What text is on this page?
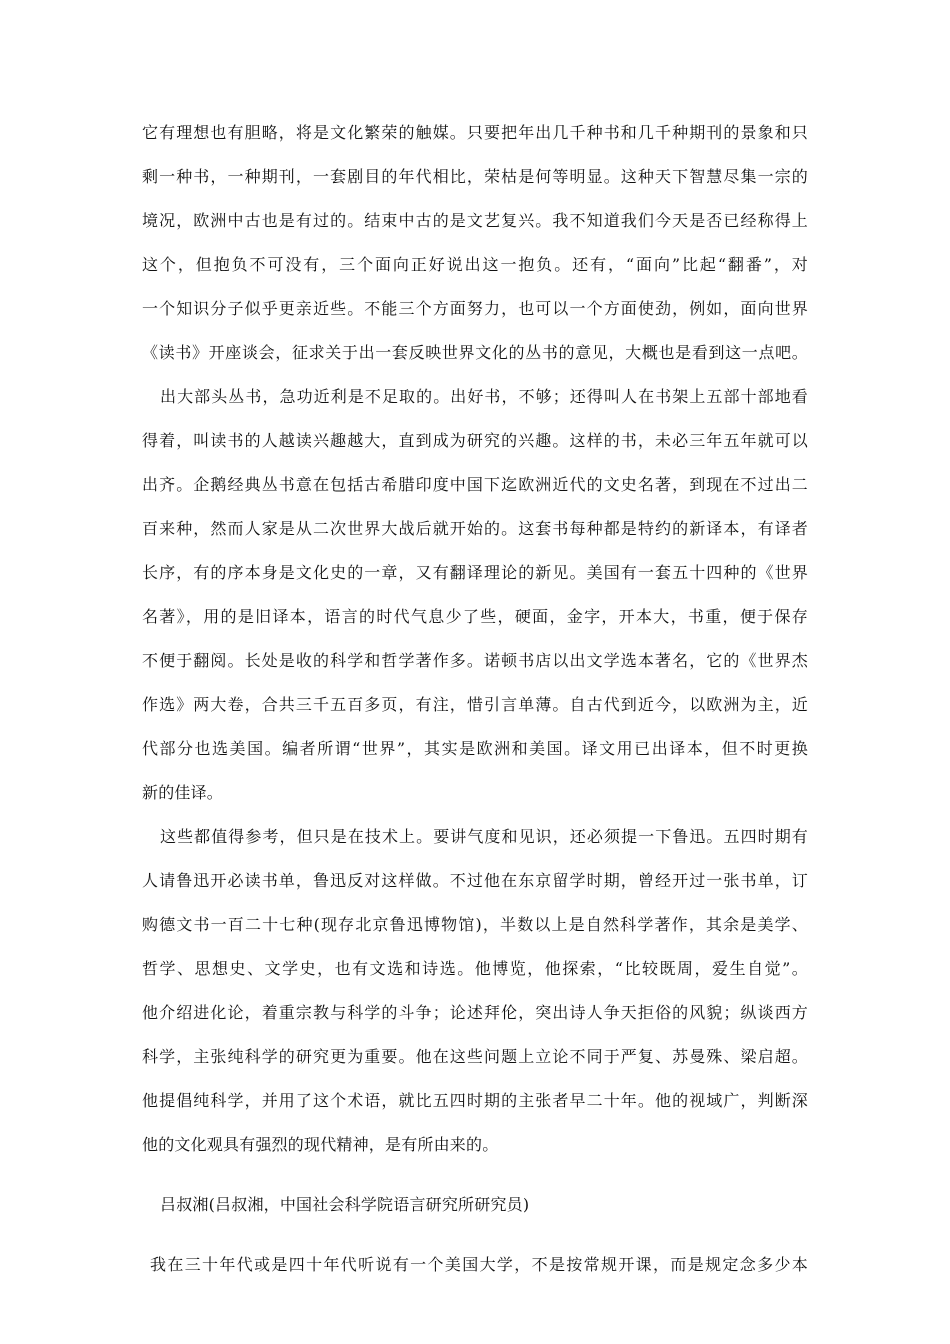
它有理想也有胆略，将是文化繁荣的触媒。只要把年出几千种书和几千种期刊的景象和只
剩一种书，一种期刊，一套剧目的年代相比，荣枯是何等明显。这种天下智慧尽集一宗的
境况，欧洲中古也是有过的。结束中古的是文艺复兴。我不知道我们今天是否已经称得上
这个，但抱负不可没有，三个面向正好说出这一抱负。还有，“面向”比起“翻番”，对
一个知识分子似乎更亲近些。不能三个方面努力，也可以一个方面使劲，例如，面向世界
《读书》开座谈会，征求关于出一套反映世界文化的丛书的意见，大概也是看到这一点吧。
出大部头丛书，急功近利是不足取的。出好书，不够；还得叫人在书架上五部十部地看
得着，叫读书的人越读兴趣越大，直到成为研究的兴趣。这样的书，未必三年五年就可以
出齐。企鹅经典丛书意在包括古希腊印度中国下迄欧洲近代的文史名著，到现在不过出二
百来种，然而人家是从二次世界大战后就开始的。这套书每种都是特约的新译本，有译者
长序，有的序本身是文化史的一章，又有翻译理论的新见。美国有一套五十四种的《世界
名著》，用的是旧译本，语言的时代气息少了些，硬面，金字，开本大，书重，便于保存
不便于翻阅。长处是收的科学和哲学著作多。诺顿书店以出文学选本著名，它的《世界杰
作选》两大卷，合共三千五百多页，有注，惜引言单薄。自古代到近今，以欧洲为主，近
代部分也选美国。编者所谓“世界”，其实是欧洲和美国。译文用已出译本，但不时更换
新的佳译。
这些都值得参考，但只是在技术上。要讲气度和见识，还必须提一下鲁迅。五四时期有
人请鲁迅开必读书单，鲁迅反对这样做。不过他在东京留学时期，曾经开过一张书单，订
购德文书一百二十七种(现存北京鲁迅博物馆)，半数以上是自然科学著作，其余是美学、
哲学、思想史、文学史，也有文选和诗选。他博览，他探索，“比较既周，爱生自觉”。
他介绍进化论，着重宗教与科学的斗争；论述拜伦，突出诗人争天拒俗的风貌；纵谈西方
科学，主张纯科学的研究更为重要。他在这些问题上立论不同于严复、苏曼殊、梁启超。
他提倡纯科学，并用了这个术语，就比五四时期的主张者早二十年。他的视域广，判断深
他的文化观具有强烈的现代精神，是有所由来的。
吕叔湘(吕叔湘，中国社会科学院语言研究所研究员)
我在三十年代或是四十年代听说有一个美国大学，不是按常规开课，而是规定念多少本
